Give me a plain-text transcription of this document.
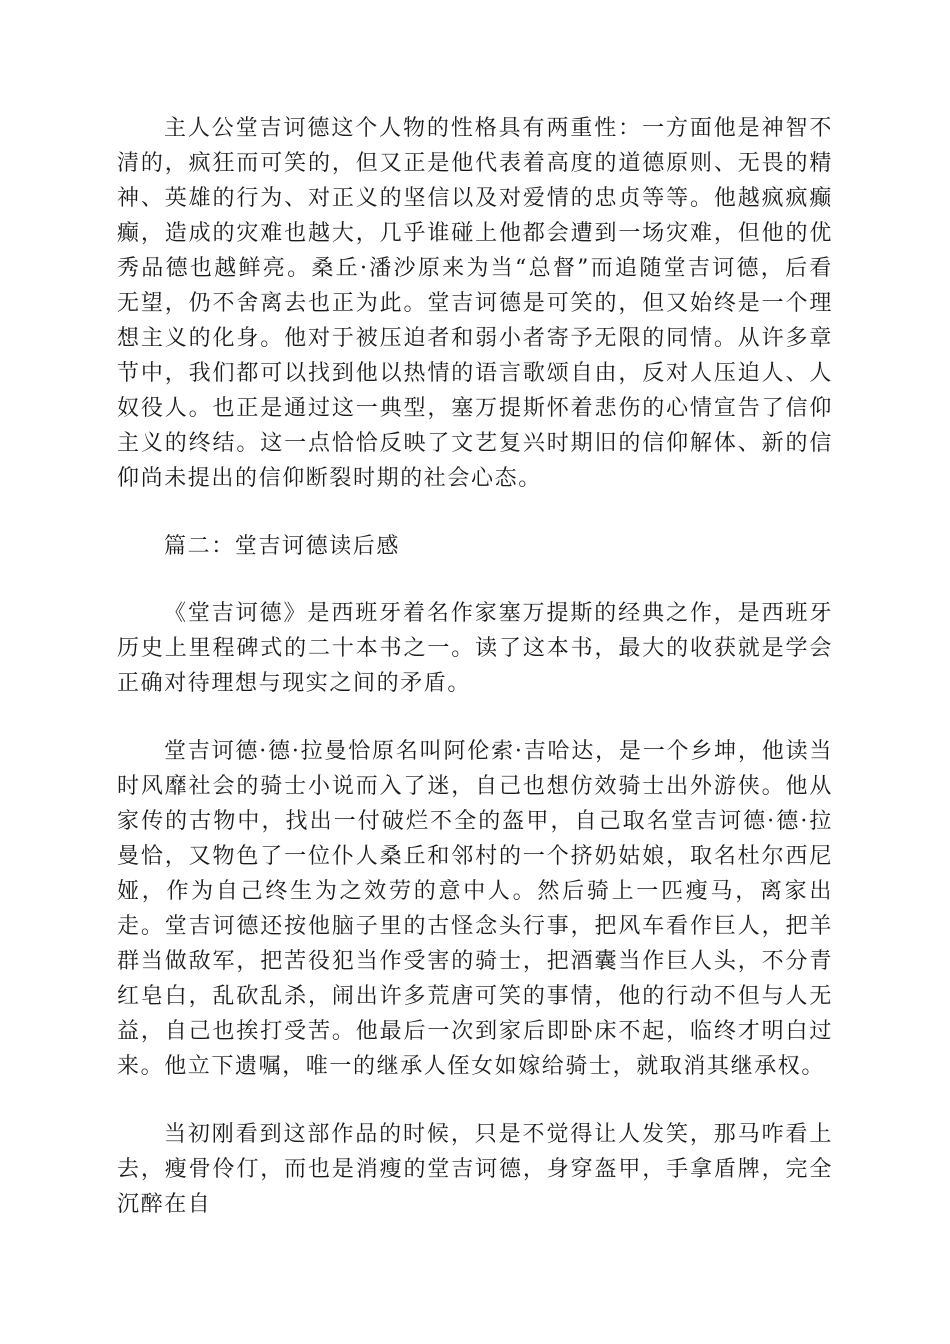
主人公堂吉诃德这个人物的性格具有两重性：一方面他是神智不清的，疯狂而可笑的，但又正是他代表着高度的道德原则、无畏的精神、英雄的行为、对正义的坚信以及对爱情的忠贞等等。他越疯疯癫癫，造成的灾难也越大，几乎谁碰上他都会遭到一场灾难，但他的优秀品德也越鲜亮。桑丘·潘沙原来为当“总督”而追随堂吉诃德，后看无望，仍不舍离去也正为此。堂吉诃德是可笑的，但又始终是一个理想主义的化身。他对于被压迫者和弱小者寄予无限的同情。从许多章节中，我们都可以找到他以热情的语言歌颂自由，反对人压迫人、人奴役人。也正是通过这一典型，塞万提斯怀着悲伤的心情宣告了信仰主义的终结。这一点恰恰反映了文艺复兴时期旧的信仰解体、新的信仰尚未提出的信仰断裂时期的社会心态。

篇二：堂吉诃德读后感

《堂吉诃德》是西班牙着名作家塞万提斯的经典之作，是西班牙历史上里程碑式的二十本书之一。读了这本书，最大的收获就是学会正确对待理想与现实之间的矛盾。

堂吉诃德·德·拉曼恰原名叫阿伦索·吉哈达，是一个乡坤，他读当时风靡社会的骑士小说而入了迷，自己也想仿效骑士出外游侠。他从家传的古物中，找出一付破烂不全的盔甲，自己取名堂吉诃德·德·拉曼恰，又物色了一位仆人桑丘和邻村的一个挤奶姑娘，取名杜尔西尼娅，作为自己终生为之效劳的意中人。然后骑上一匹瘦马，离家出走。堂吉诃德还按他脑子里的古怪念头行事，把风车看作巨人，把羊群当做敌军，把苦役犯当作受害的骑士，把酒囊当作巨人头，不分青红皂白，乱砍乱杀，闹出许多荒唐可笑的事情，他的行动不但与人无益，自己也挨打受苦。他最后一次到家后即卧床不起，临终才明白过来。他立下遗嘱，唯一的继承人侄女如嫁给骑士，就取消其继承权。

当初刚看到这部作品的时候，只是不觉得让人发笑，那马咋看上去，瘦骨伶仃，而也是消瘦的堂吉诃德，身穿盔甲，手拿盾牌，完全沉醉在自
